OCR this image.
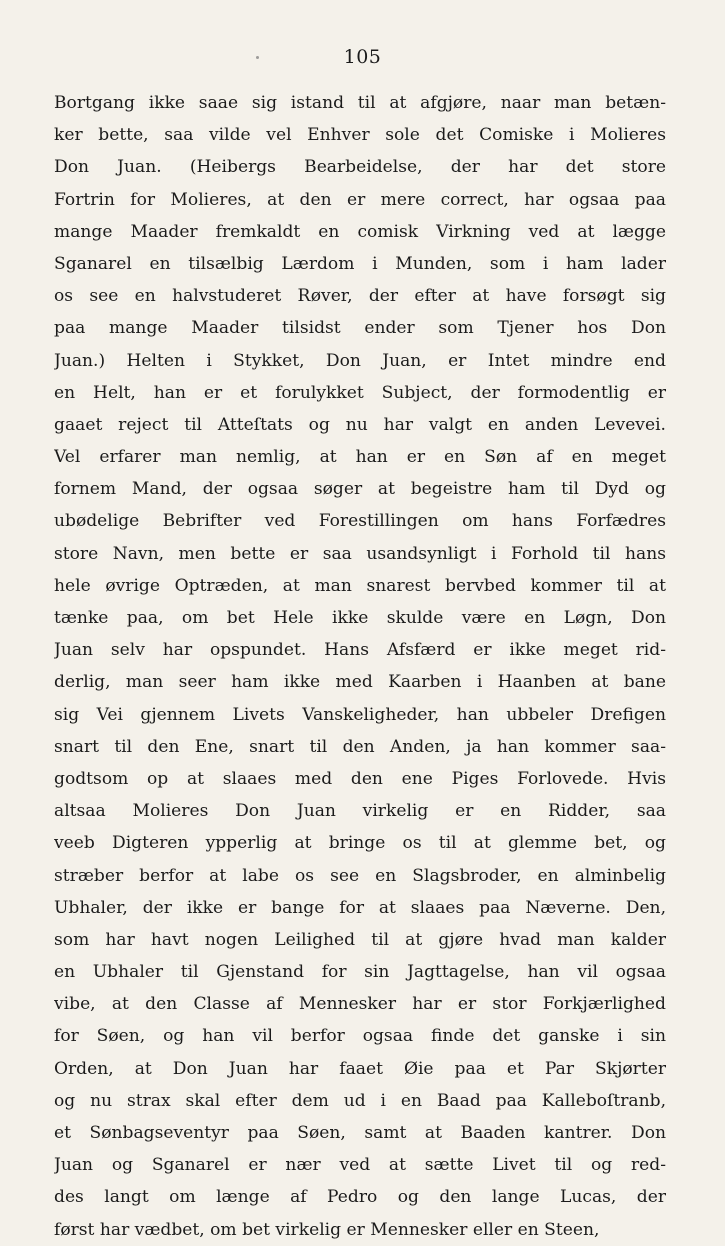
105
Bortgang ikke saae sig istand til at afgjøre, naar man betæn-
ker bette, saa vilde vel Enhver sole det Comiske i Molieres
Don Juan. (Heibergs Bearbeidelse, der har det store
Fortrin for Molieres, at den er mere correct, har ogsaa paa
mange Maader fremkaldt en comisk Virkning ved at lægge
Sganarel en tilsælbig Lærdom i Munden, som i ham lader
os see en halvstuderet Røver, der efter at have forsøgt sig
paa mange Maader tilsidst ender som Tjener hos Don
Juan.) Helten i Stykket, Don Juan, er Intet mindre end
en Helt, han er et forulykket Subject, der formodentlig er
gaaet reject til Atteſtats og nu har valgt en anden Levevei.
Vel erfarer man nemlig, at han er en Søn af en meget
fornem Mand, der ogsaa søger at begeistre ham til Dyd og
ubødelige Bebrifter ved Forestillingen om hans Forfædres
store Navn, men bette er saa usandsynligt i Forhold til hans
hele øvrige Optræden, at man snarest bervbed kommer til at
tænke paa, om bet Hele ikke skulde være en Løgn, Don
Juan selv har opspundet. Hans Afsfærd er ikke meget rid-
derlig, man seer ham ikke med Kaarben i Haanben at bane
sig Vei gjennem Livets Vanskeligheder, han ubbeler Drefigen
snart til den Ene, snart til den Anden, ja han kommer saa-
godtsom op at slaaes med den ene Piges Forlovede. Hvis
altsaa Molieres Don Juan virkelig er en Ridder, saa
veeb Digteren ypperlig at bringe os til at glemme bet, og
stræber berfor at labe os see en Slagsbroder, en alminbelig
Ubhaler, der ikke er bange for at slaaes paa Næverne. Den,
som har havt nogen Leilighed til at gjøre hvad man kalder
en Ubhaler til Gjenstand for sin Jagttagelse, han vil ogsaa
vibe, at den Classe af Mennesker har er stor Forkjærlighed
for Søen, og han vil berfor ogsaa finde det ganske i sin
Orden, at Don Juan har faaet Øie paa et Par Skjørter
og nu strax skal efter dem ud i en Baad paa Kalleboſtranb,
et Sønbagseventyr paa Søen, samt at Baaden kantrer. Don
Juan og Sganarel er nær ved at sætte Livet til og red-
des langt om længe af Pedro og den lange Lucas, der
først har vædbet, om bet virkelig er Mennesker eller en Steen,
